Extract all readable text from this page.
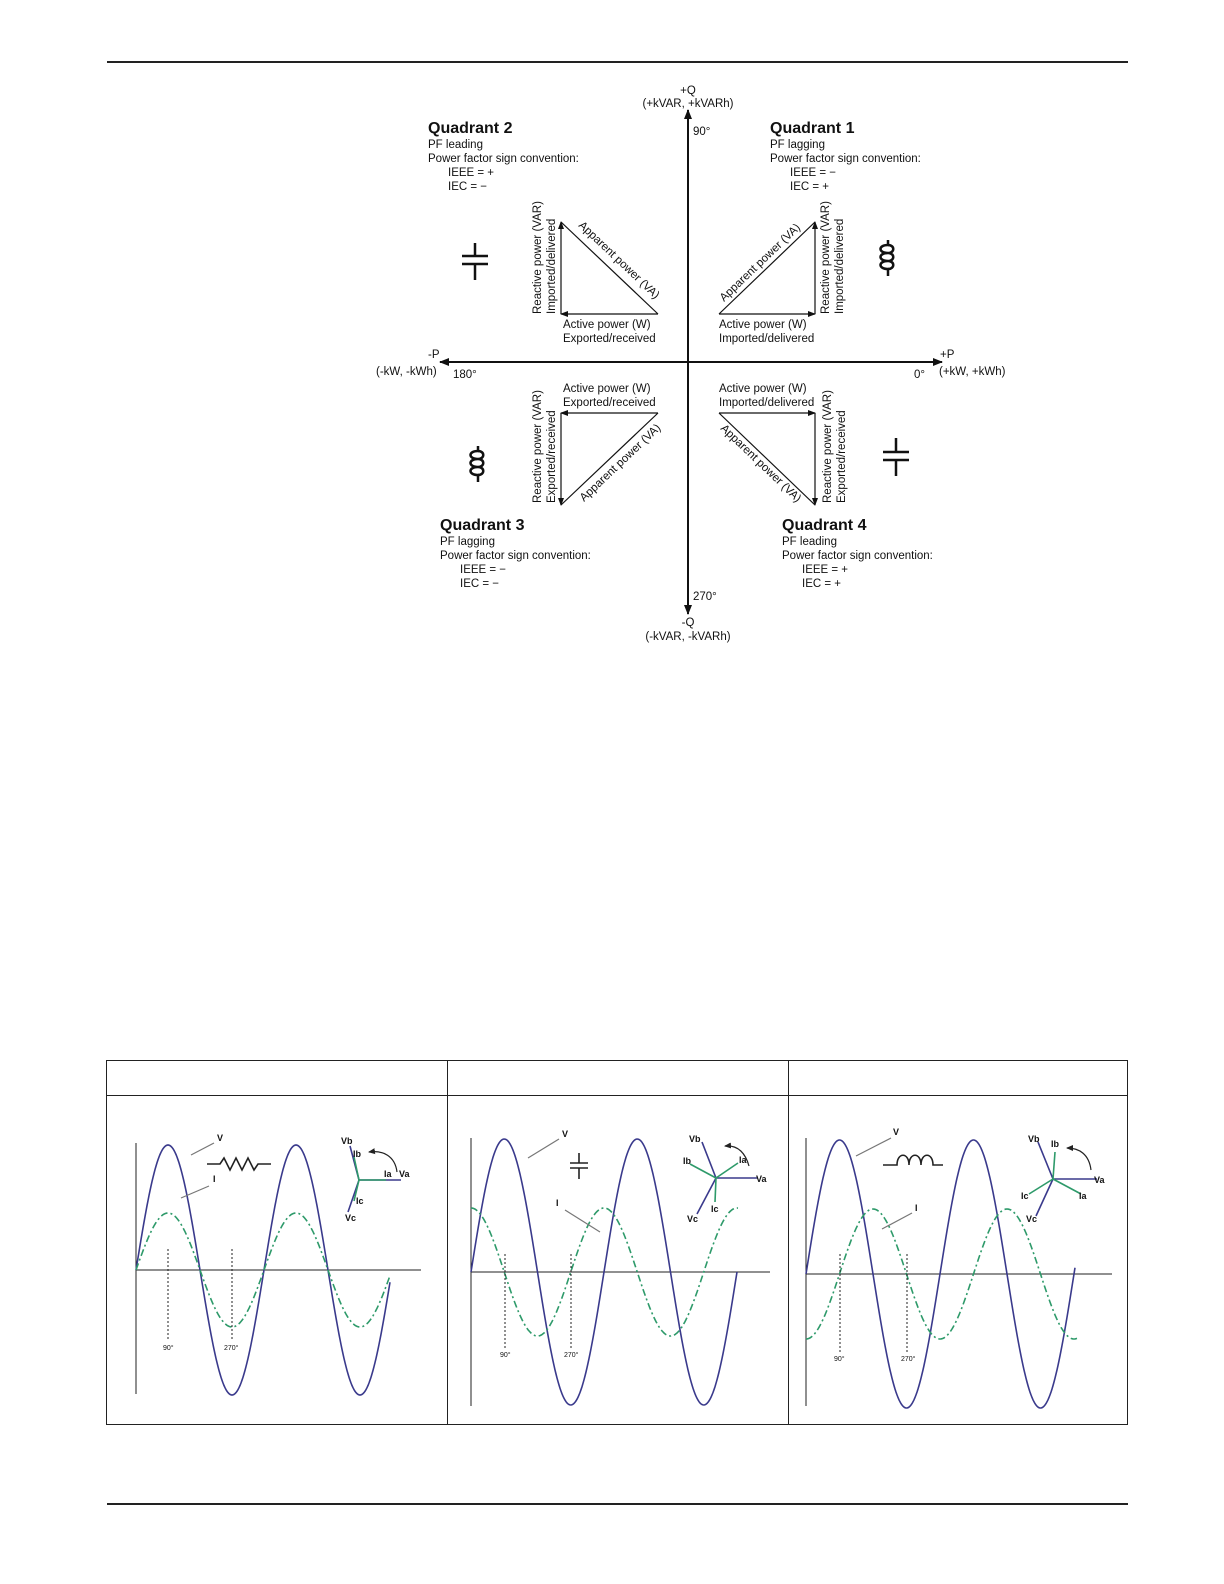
+Q
(+kVAR, +kVARh)
90°
-Q
(-kVAR, -kVARh)
270°
+P
(+kW, +kWh)
0°
-P
(-kW, -kWh) 180°
Quadrant 1
PF lagging
Power factor sign convention:
IEEE = −
IEC = +
Quadrant 2
PF leading
Power factor sign convention:
IEEE = +
IEC = −
Quadrant 3
PF lagging
Power factor sign convention:
IEEE = −
IEC = −
Quadrant 4
PF leading
Power factor sign convention:
IEEE = +
IEC = +
Apparent power (VA) Reactive power (VAR) Imported/delivered
Active power (W)
Imported/delivered
Apparent power (VA)
Reactive power (VAR) Imported/delivered
Active power (W)
Exported/received
Active power (W)
Exported/received
Reactive power (VAR) Exported/received Apparent power (VA)
Active power (W)
Imported/delivered Reactive power (VAR) Exported/received
Apparent power (VA)
90°	270°
V
I
Vb
Ib
Ia Va
Ic
Vc
90°	270°
V
I
Vb
Ib	Ia
Va
Ic
Vc
90°	270°
V
I
Vb Ib
Va
Ia
Ic
Vc
